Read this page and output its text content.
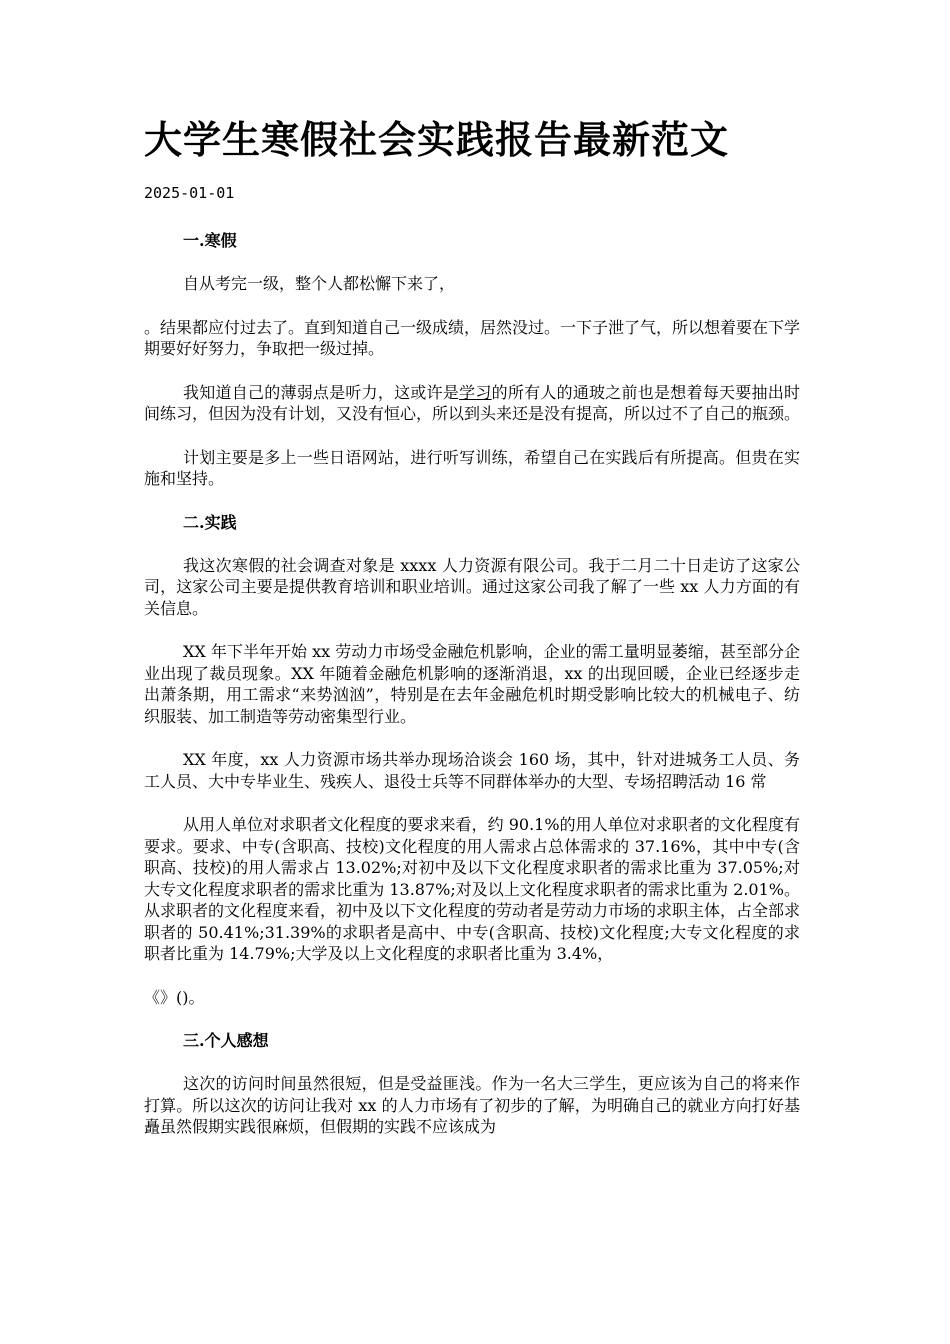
大学生寒假社会实践报告最新范文
2025-01-01
一.寒假

自从考完一级，整个人都松懈下来了，

。结果都应付过去了。直到知道自己一级成绩，居然没过。一下子泄了气，所以想着要在下学期要好好努力，争取把一级过掉。

我知道自己的薄弱点是听力，这或许是学习的所有人的通玻之前也是想着每天要抽出时间练习，但因为没有计划，又没有恒心，所以到头来还是没有提高，所以过不了自己的瓶颈。

计划主要是多上一些日语网站，进行听写训练，希望自己在实践后有所提高。但贵在实施和坚持。

二.实践

我这次寒假的社会调查对象是 xxxx 人力资源有限公司。我于二月二十日走访了这家公司，这家公司主要是提供教育培训和职业培训。通过这家公司我了解了一些 xx 人力方面的有关信息。

XX 年下半年开始 xx 劳动力市场受金融危机影响，企业的需工量明显萎缩，甚至部分企业出现了裁员现象。XX 年随着金融危机影响的逐渐消退，xx 的出现回暖，企业已经逐步走出萧条期，用工需求“来势汹汹”，特别是在去年金融危机时期受影响比较大的机械电子、纺织服装、加工制造等劳动密集型行业。

XX 年度，xx 人力资源市场共举办现场洽谈会 160 场，其中，针对进城务工人员、务工人员、大中专毕业生、残疾人、退役士兵等不同群体举办的大型、专场招聘活动 16 常

从用人单位对求职者文化程度的要求来看，约 90.1%的用人单位对求职者的文化程度有要求。要求、中专(含职高、技校)文化程度的用人需求占总体需求的 37.16%，其中中专(含职高、技校)的用人需求占 13.02%;对初中及以下文化程度求职者的需求比重为 37.05%;对大专文化程度求职者的需求比重为 13.87%;对及以上文化程度求职者的需求比重为 2.01%。从求职者的文化程度来看，初中及以下文化程度的劳动者是劳动力市场的求职主体，占全部求职者的 50.41%;31.39%的求职者是高中、中专(含职高、技校)文化程度;大专文化程度的求职者比重为 14.79%;大学及以上文化程度的求职者比重为 3.4%，

《》()。

三.个人感想

这次的访问时间虽然很短，但是受益匪浅。作为一名大三学生，更应该为自己的将来作打算。所以这次的访问让我对 xx 的人力市场有了初步的了解，为明确自己的就业方向打好基矗虽然假期实践很麻烦，但假期的实践不应该成为
